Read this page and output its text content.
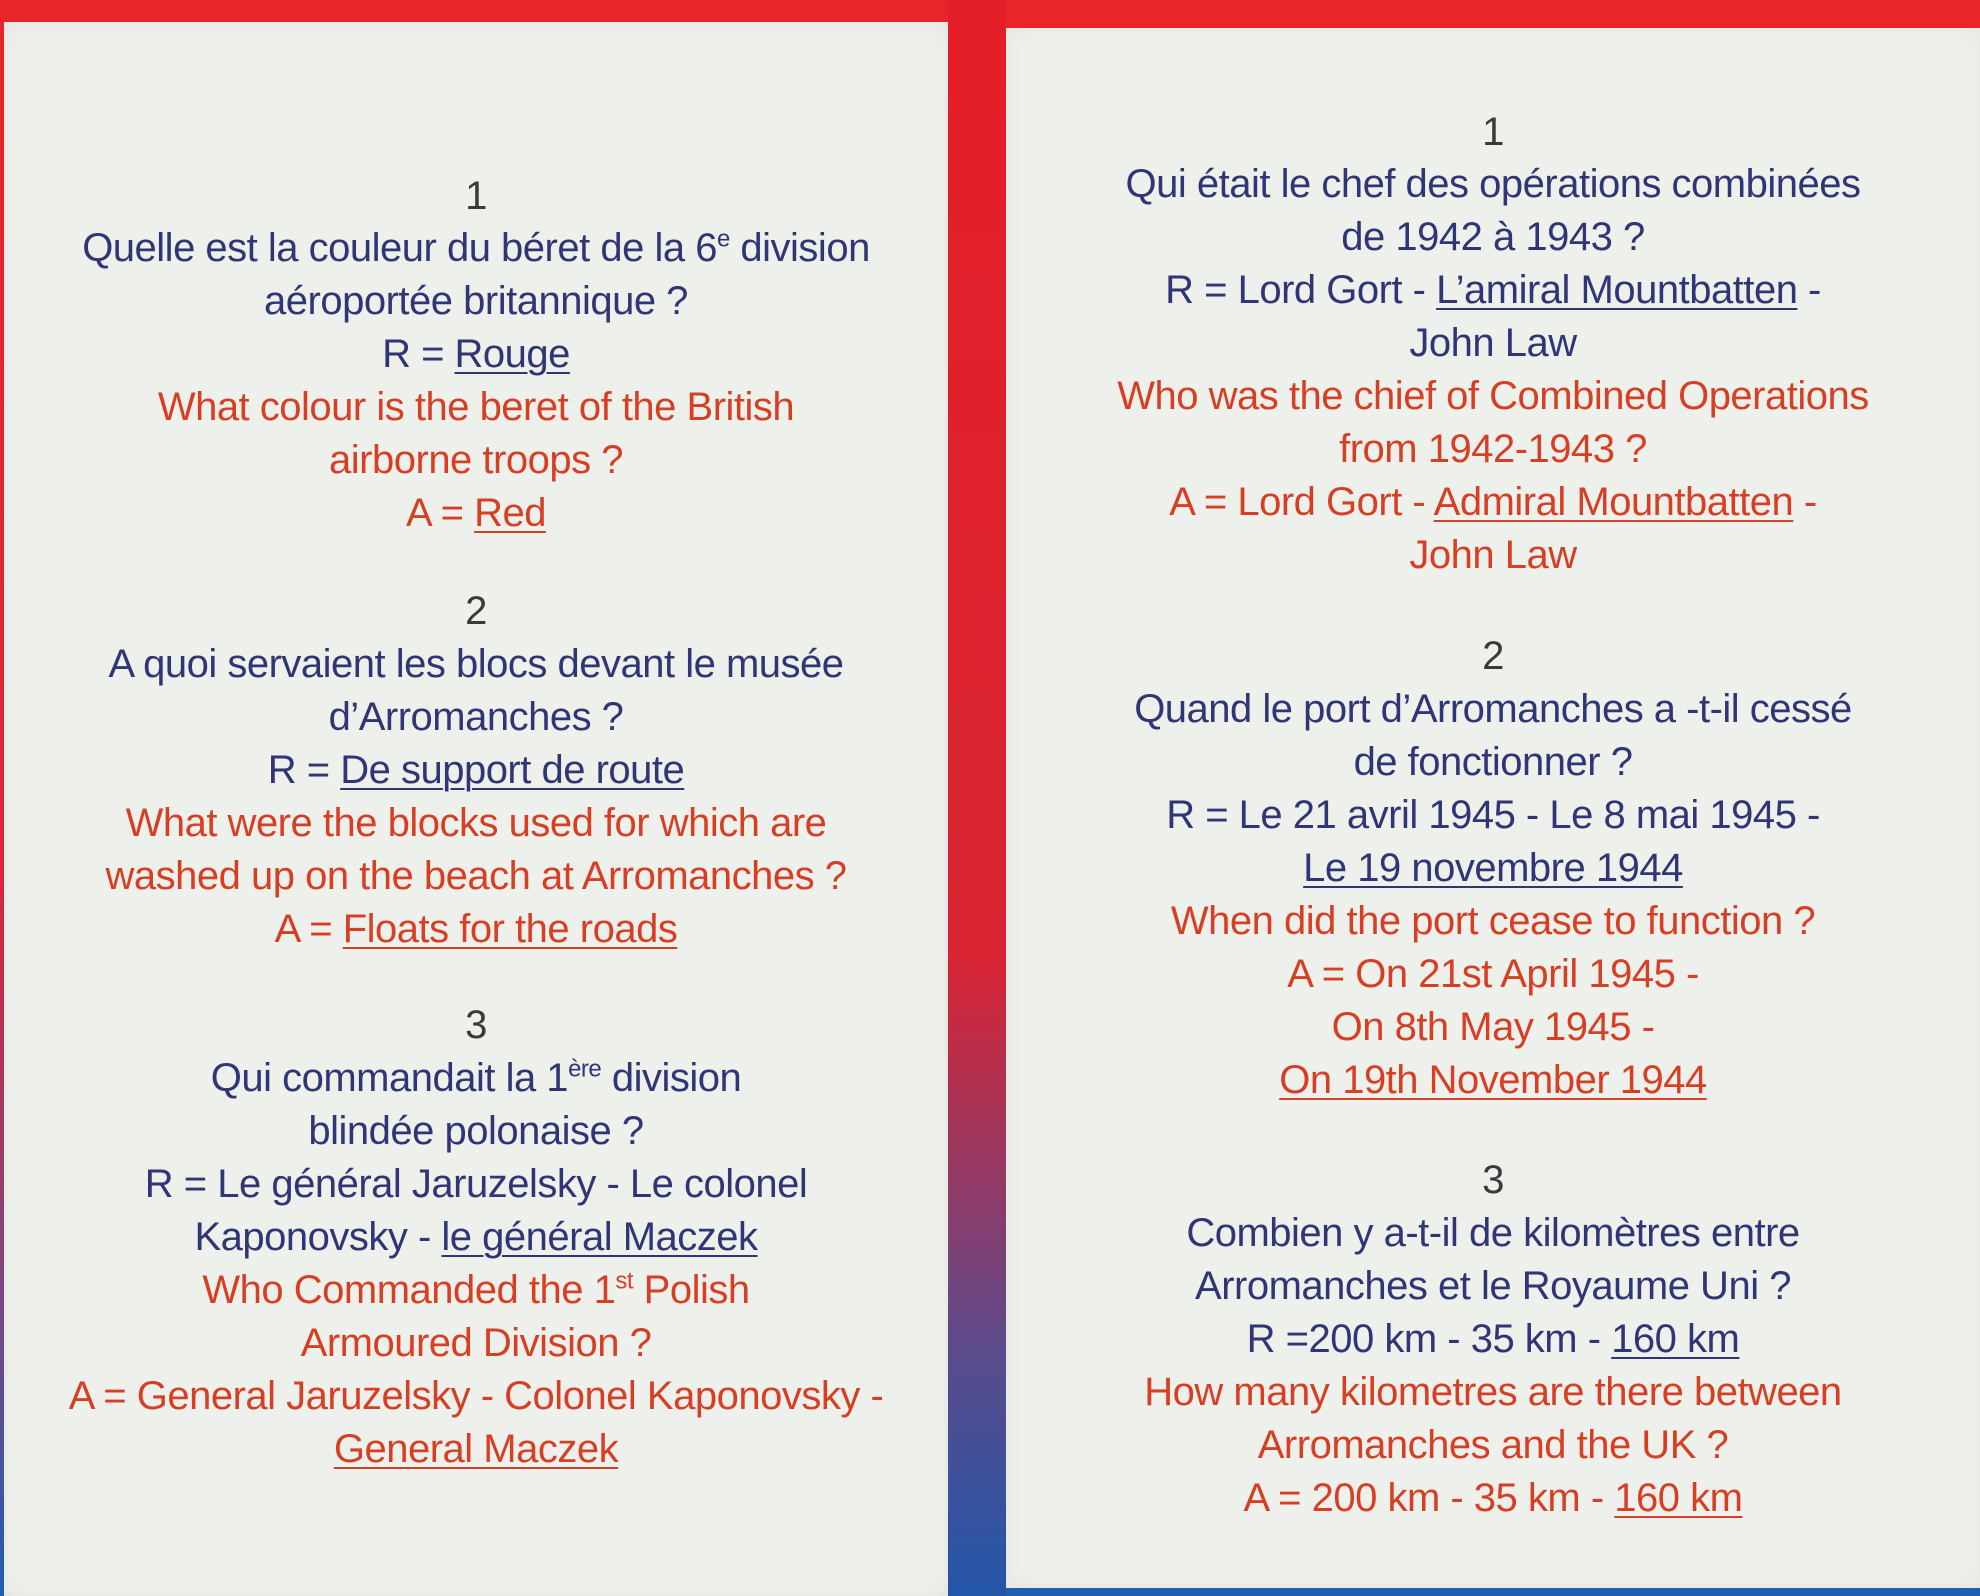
1
Quelle est la couleur du béret de la 6e division
aéroportée britannique ?
R = Rouge
What colour is the beret of the British
airborne troops ?
A = Red
2
A quoi servaient les blocs devant le musée
d’Arromanches ?
R = De support de route
What were the blocks used for which are
washed up on the beach at Arromanches ?
A = Floats for the roads
3
Qui commandait la 1ère division
blindée polonaise ?
R = Le général Jaruzelsky - Le colonel
Kaponovsky - le général Maczek
Who Commanded the 1st Polish
Armoured Division ?
A = General Jaruzelsky - Colonel Kaponovsky -
General Maczek
1
Qui était le chef des opérations combinées
de 1942 à 1943 ?
R = Lord Gort - L’amiral Mountbatten -
John Law
Who was the chief of Combined Operations
from 1942-1943 ?
A = Lord Gort - Admiral Mountbatten -
John Law
2
Quand le port d’Arromanches a -t-il cessé
de fonctionner ?
R = Le 21 avril 1945 - Le 8 mai 1945 -
Le 19 novembre 1944
When did the port cease to function ?
A = On 21st April 1945 -
On 8th May 1945 -
On 19th November 1944
3
Combien y a-t-il de kilomètres entre
Arromanches et le Royaume Uni ?
R =200 km - 35 km - 160 km
How many kilometres are there between
Arromanches and the UK ?
A = 200 km - 35 km - 160 km
